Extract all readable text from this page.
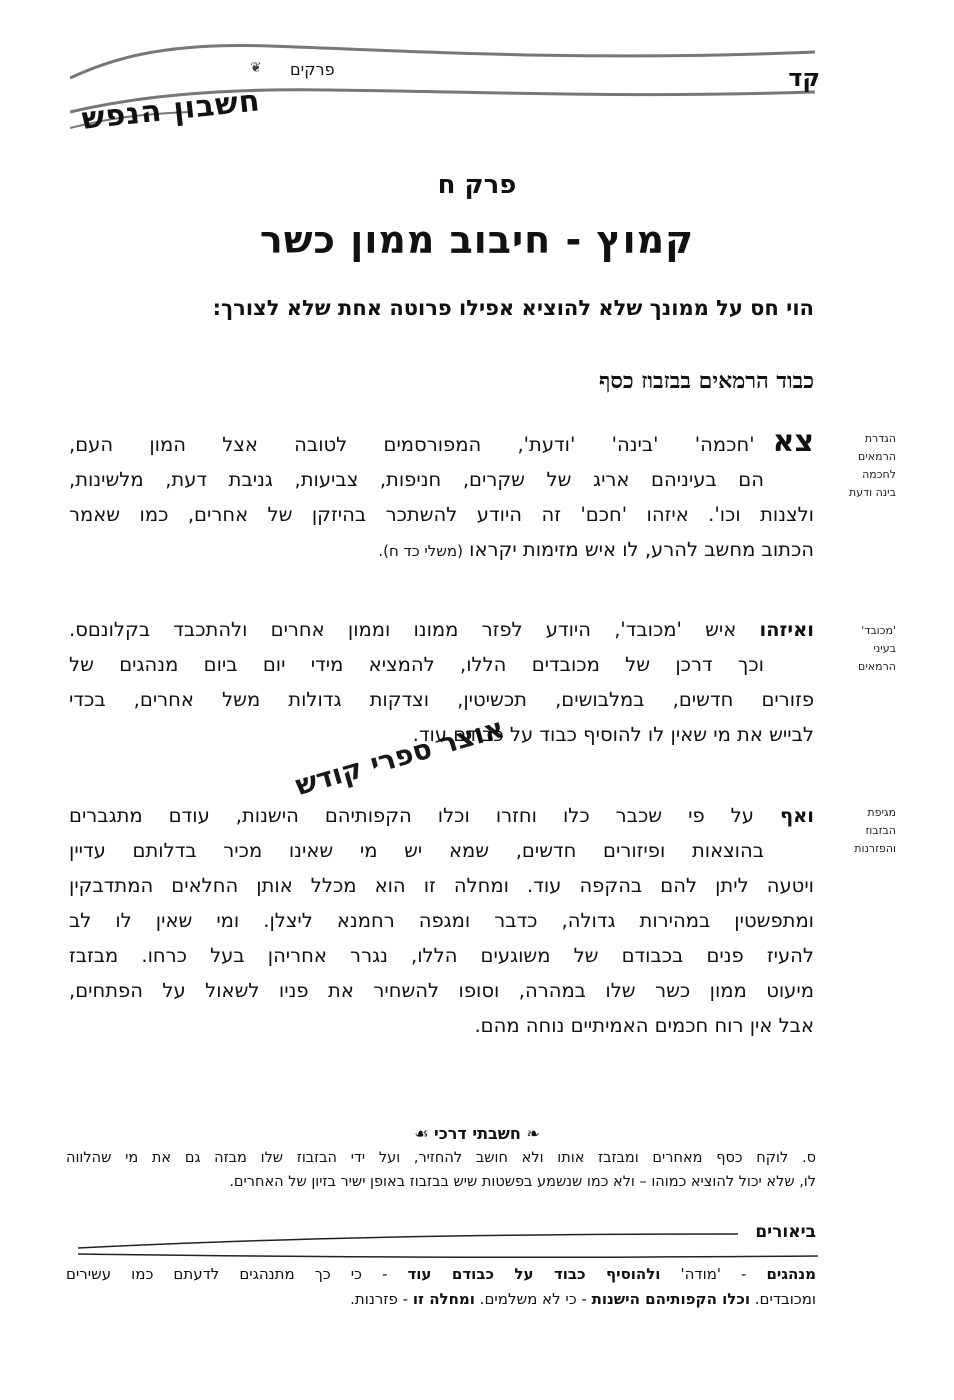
קד
פרקים
❦
חשבון הנפש
פרק ח
קמוץ - חיבוב ממון כשר
הוי חס על ממונך שלא להוציא אפילו פרוטה אחת שלא לצורך:
כבוד הרמאים בבזבוז כסף
הגדרת
הרמאים
לחכמה
בינה ודעת
צא'חכמה' 'בינה' 'ודעת', המפורסמים לטובה אצל המון העם,
הם בעיניהם אריג של שקרים, חניפות, צביעות, גניבת דעת, מלשינות,
ולצנות וכו'. איזהו 'חכם' זה היודע להשתכר בהיזקן של אחרים, כמו שאמר
הכתוב מחשב להרע, לו איש מזימות יקראו (משלי כד ח).
'מכובד'
בעיני
הרמאים
ואיזהו איש 'מכובד', היודע לפזר ממונו וממון אחרים ולהתכבד בקלונםס.
וכך דרכן של מכובדים הללו, להמציא מידי יום ביום מנהגים של
פזורים חדשים, במלבושים, תכשיטין, וצדקות גדולות משל אחרים, בכדי
לבייש את מי שאין לו להוסיף כבוד על כבודם עוד.
אוצר ספרי קודש
מגיפת
הבזבוז
והפזרנות
ואף על פי שכבר כלו וחזרו וכלו הקפותיהם הישנות, עודם מתגברים
בהוצאות ופיזורים חדשים, שמא יש מי שאינו מכיר בדלותם עדיין
ויטעה ליתן להם בהקפה עוד. ומחלה זו הוא מכלל אותן החלאים המתדבקין
ומתפשטין במהירות גדולה, כדבר ומגפה רחמנא ליצלן. ומי שאין לו לב
להעיז פנים בכבודם של משוגעים הללו, נגרר אחריהן בעל כרחו. מבזבז
מיעוט ממון כשר שלו במהרה, וסופו להשחיר את פניו לשאול על הפתחים,
אבל אין רוח חכמים האמיתיים נוחה מהם.
❧ חשבתי דרכי ☙
ס. לוקח כסף מאחרים ומבזבז אותו ולא חושב להחזיר, ועל ידי הבזבוז שלו מבזה גם את מי שהלווה
לו, שלא יכול להוציא כמוהו – ולא כמו שנשמע בפשטות שיש בבזבוז באופן ישיר בזיון של האחרים.
ביאורים
מנהגים - 'מודה' ולהוסיף כבוד על כבודם עוד - כי כך מתנהגים לדעתם כמו עשירים
ומכובדים. וכלו הקפותיהם הישנות - כי לא משלמים. ומחלה זו - פזרנות.
